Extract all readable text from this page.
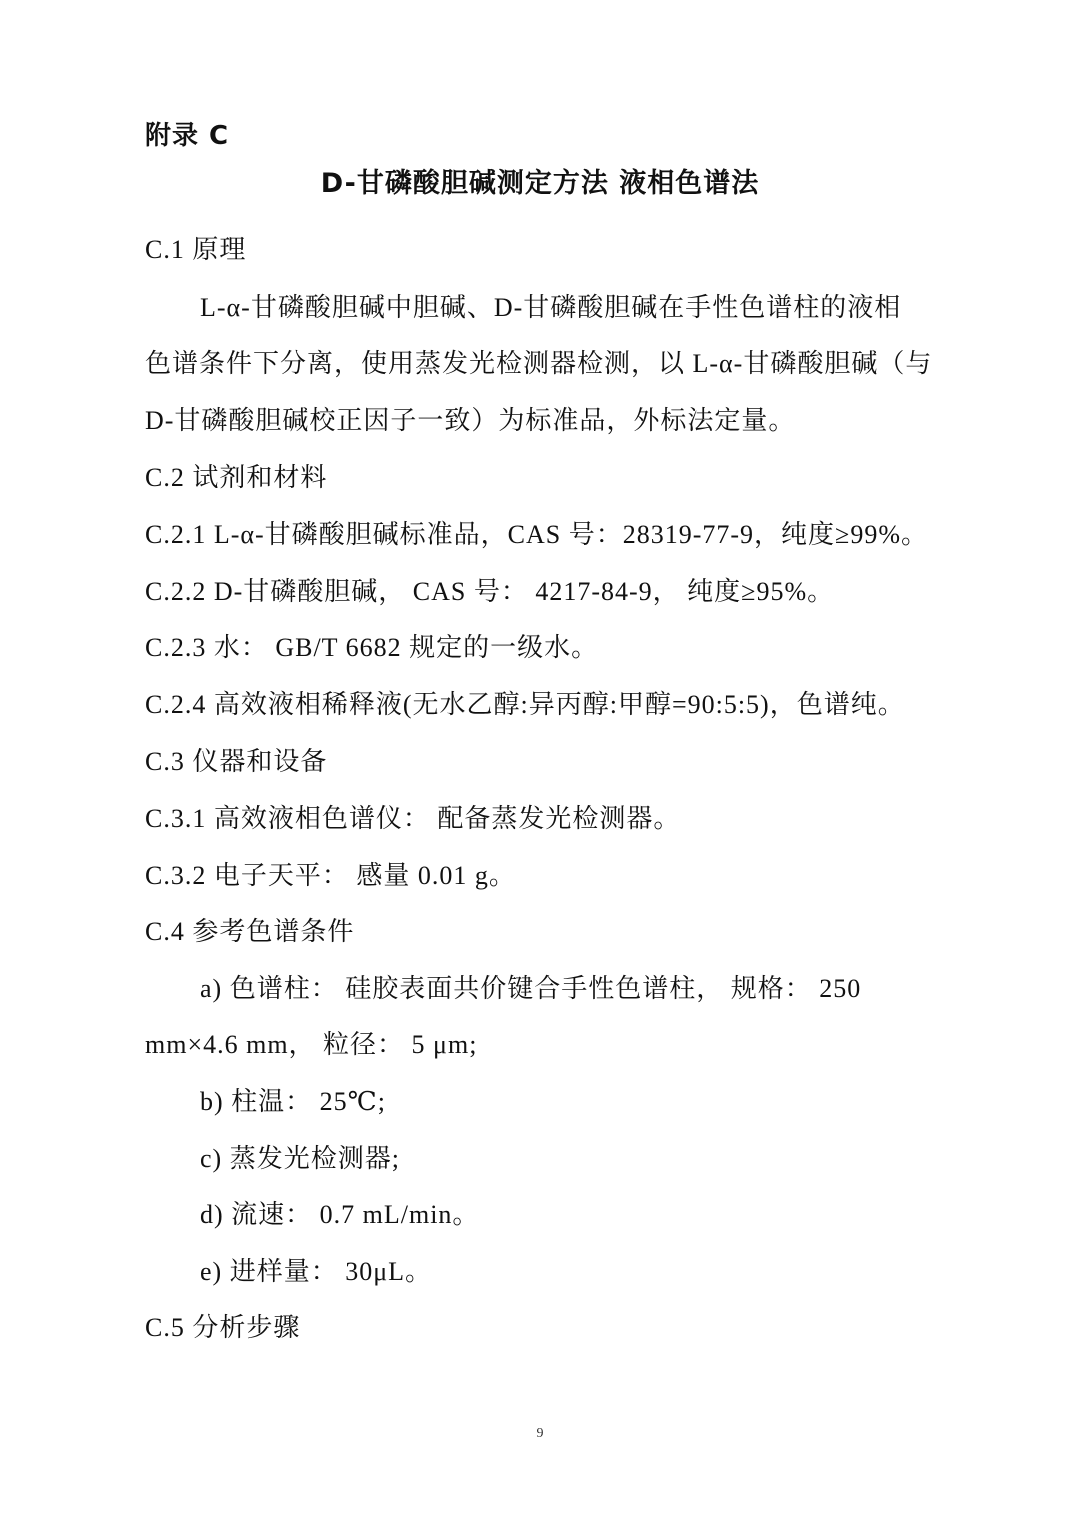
附录 C
D-甘磷酸胆碱测定方法 液相色谱法
C.1 原理
L-α-甘磷酸胆碱中胆碱、D-甘磷酸胆碱在手性色谱柱的液相
色谱条件下分离，使用蒸发光检测器检测，以 L-α-甘磷酸胆碱（与
D-甘磷酸胆碱校正因子一致）为标准品，外标法定量。
C.2 试剂和材料
C.2.1 L-α-甘磷酸胆碱标准品，CAS 号：28319-77-9，纯度≥99%。
C.2.2 D-甘磷酸胆碱， CAS 号： 4217-84-9， 纯度≥95%。
C.2.3 水： GB/T 6682 规定的一级水。
C.2.4 高效液相稀释液(无水乙醇:异丙醇:甲醇=90:5:5)，色谱纯。
C.3 仪器和设备
C.3.1 高效液相色谱仪： 配备蒸发光检测器。
C.3.2 电子天平： 感量 0.01 g。
C.4 参考色谱条件
a) 色谱柱： 硅胶表面共价键合手性色谱柱， 规格： 250
mm×4.6 mm， 粒径： 5 μm;
b) 柱温： 25℃;
c) 蒸发光检测器;
d) 流速： 0.7 mL/min。
e) 进样量： 30μL。
C.5 分析步骤
9
